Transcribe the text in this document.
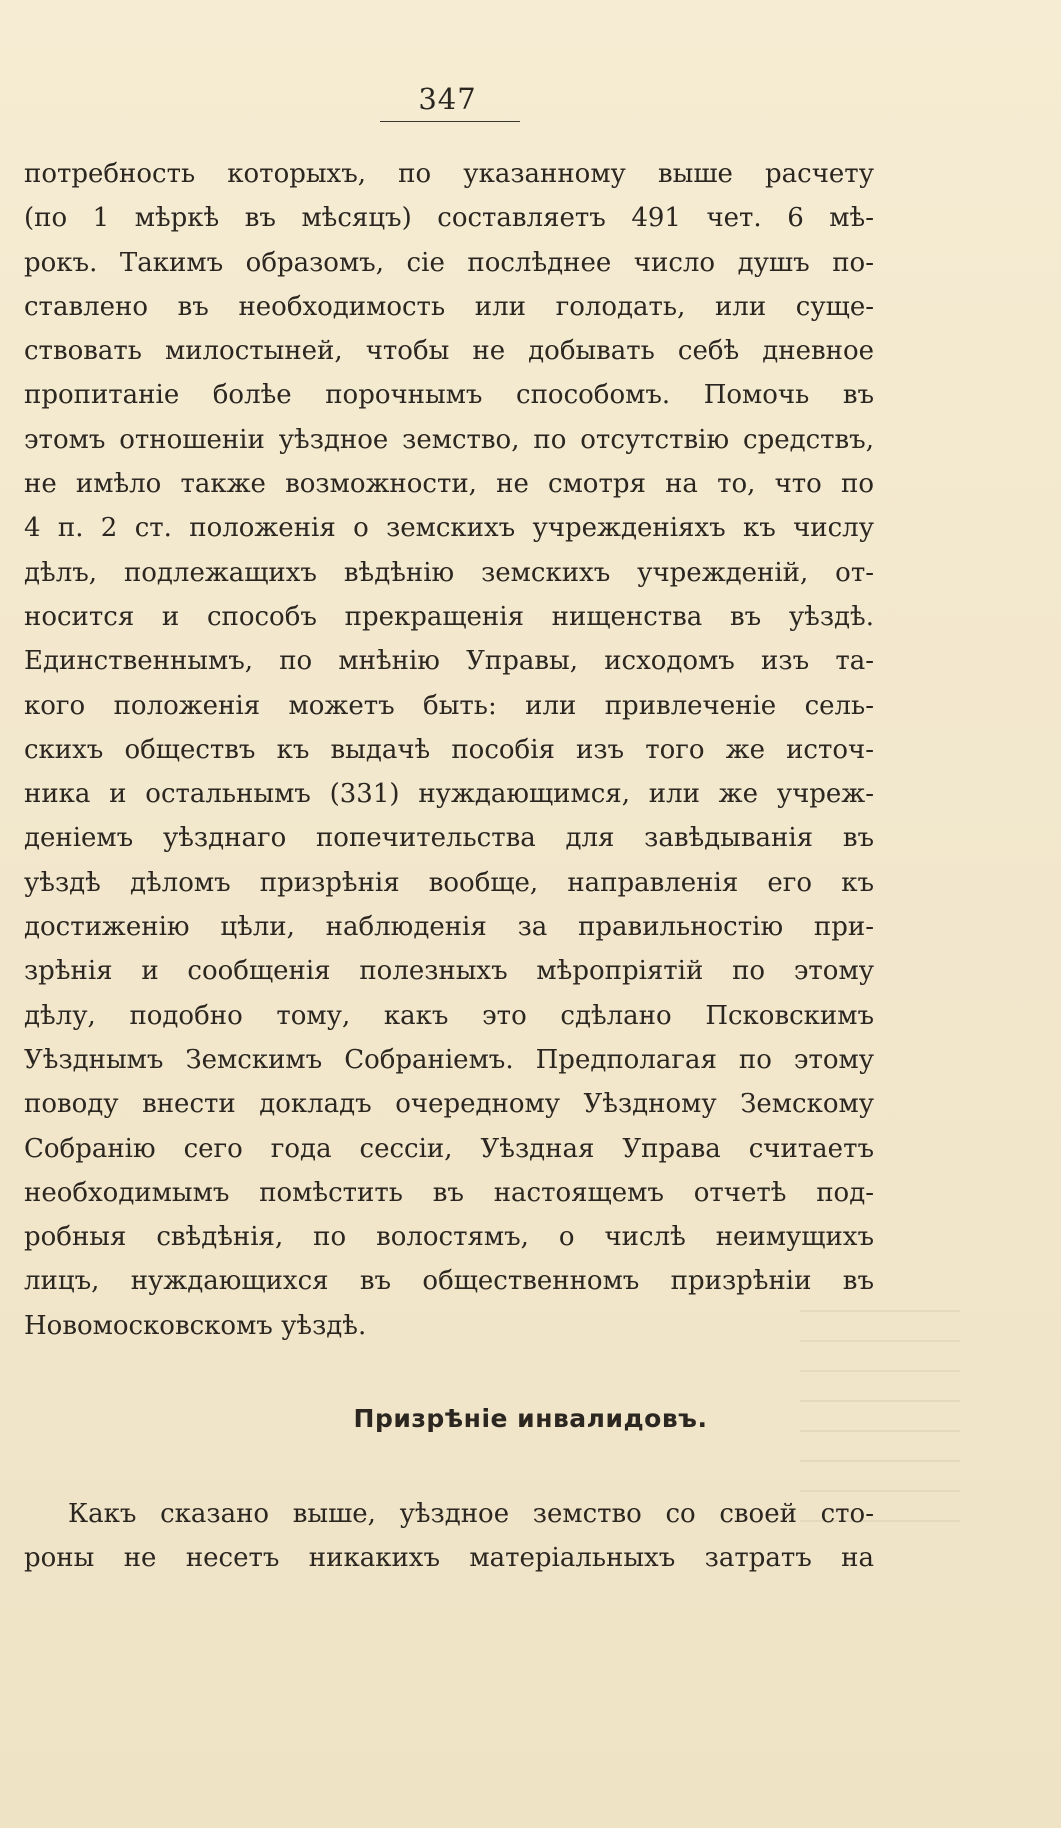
347
потребность которыхъ, по указанному выше расчету
(по 1 мѣркѣ въ мѣсяцъ) составляетъ 491 чет. 6 мѣ-
рокъ. Такимъ образомъ, сіе послѣднее число душъ по-
ставлено въ необходимость или голодать, или суще-
ствовать милостыней, чтобы не добывать себѣ дневное
пропитаніе болѣе порочнымъ способомъ. Помочь въ
этомъ отношеніи уѣздное земство, по отсутствію средствъ,
не имѣло также возможности, не смотря на то, что по
4 п. 2 ст. положенія о земскихъ учрежденіяхъ къ числу
дѣлъ, подлежащихъ вѣдѣнію земскихъ учрежденій, от-
носится и способъ прекращенія нищенства въ уѣздѣ.
Единственнымъ, по мнѣнію Управы, исходомъ изъ та-
кого положенія можетъ быть: или привлеченіе сель-
скихъ обществъ къ выдачѣ пособія изъ того же источ-
ника и остальнымъ (331) нуждающимся, или же учреж-
деніемъ уѣзднаго попечительства для завѣдыванія въ
уѣздѣ дѣломъ призрѣнія вообще, направленія его къ
достиженію цѣли, наблюденія за правильностію при-
зрѣнія и сообщенія полезныхъ мѣропріятій по этому
дѣлу, подобно тому, какъ это сдѣлано Псковскимъ
Уѣзднымъ Земскимъ Собраніемъ. Предполагая по этому
поводу внести докладъ очередному Уѣздному Земскому
Собранію сего года сессіи, Уѣздная Управа считаетъ
необходимымъ помѣстить въ настоящемъ отчетѣ под-
робныя свѣдѣнія, по волостямъ, о числѣ неимущихъ
лицъ, нуждающихся въ общественномъ призрѣніи въ
Новомосковскомъ уѣздѣ.
Призрѣніе инвалидовъ.
Какъ сказано выше, уѣздное земство со своей сто-
роны не несетъ никакихъ матеріальныхъ затратъ на
